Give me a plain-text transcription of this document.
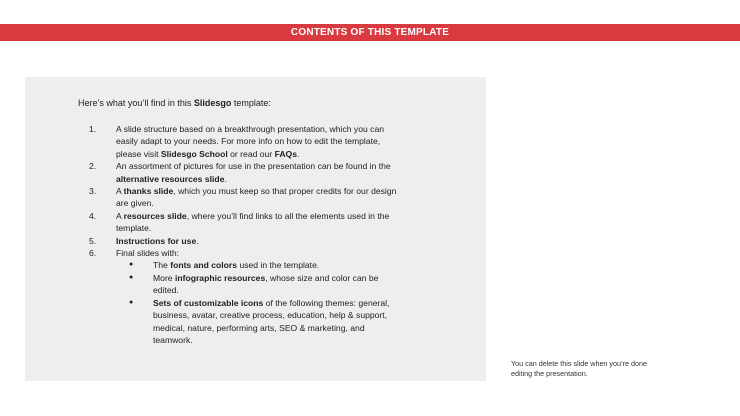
CONTENTS OF THIS TEMPLATE

Here’s what you’ll find in this Slidesgo template:

1.	A slide structure based on a breakthrough presentation, which you can easily adapt to your needs. For more info on how to edit the template, please visit Slidesgo School or read our FAQs.
2.	An assortment of pictures for use in the presentation can be found in the alternative resources slide.
3.	A thanks slide, which you must keep so that proper credits for our design are given.
4.	A resources slide, where you’ll find links to all the elements used in the template.
5.	Instructions for use.
6.	Final slides with:
● The fonts and colors used in the template.
● More infographic resources, whose size and color can be edited.
● Sets of customizable icons of the following themes: general, business, avatar, creative process, education, help & support, medical, nature, performing arts, SEO & marketing, and teamwork.

You can delete this slide when you’re done editing the presentation.
